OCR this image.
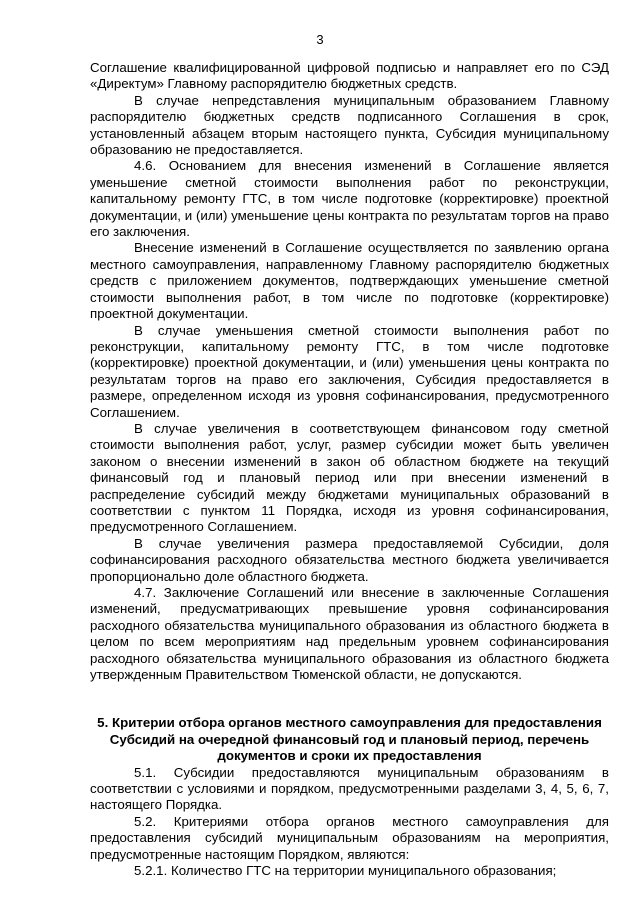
3

Соглашение квалифицированной цифровой подписью и направляет его по СЭД «Директум» Главному распорядителю бюджетных средств.

В случае непредставления муниципальным образованием Главному распорядителю бюджетных средств подписанного Соглашения в срок, установленный абзацем вторым настоящего пункта, Субсидия муниципальному образованию не предоставляется.

4.6. Основанием для внесения изменений в Соглашение является уменьшение сметной стоимости выполнения работ по реконструкции, капитальному ремонту ГТС, в том числе подготовке (корректировке) проектной документации, и (или) уменьшение цены контракта по результатам торгов на право его заключения.

Внесение изменений в Соглашение осуществляется по заявлению органа местного самоуправления, направленному Главному распорядителю бюджетных средств с приложением документов, подтверждающих уменьшение сметной стоимости выполнения работ, в том числе по подготовке (корректировке) проектной документации.

В случае уменьшения сметной стоимости выполнения работ по реконструкции, капитальному ремонту ГТС, в том числе подготовке (корректировке) проектной документации, и (или) уменьшения цены контракта по результатам торгов на право его заключения, Субсидия предоставляется в размере, определенном исходя из уровня софинансирования, предусмотренного Соглашением.

В случае увеличения в соответствующем финансовом году сметной стоимости выполнения работ, услуг, размер субсидии может быть увеличен законом о внесении изменений в закон об областном бюджете на текущий финансовый год и плановый период или при внесении изменений в распределение субсидий между бюджетами муниципальных образований в соответствии с пунктом 11 Порядка, исходя из уровня софинансирования, предусмотренного Соглашением.

В случае увеличения размера предоставляемой Субсидии, доля софинансирования расходного обязательства местного бюджета увеличивается пропорционально доле областного бюджета.

4.7. Заключение Соглашений или внесение в заключенные Соглашения изменений, предусматривающих превышение уровня софинансирования расходного обязательства муниципального образования из областного бюджета в целом по всем мероприятиям над предельным уровнем софинансирования расходного обязательства муниципального образования из областного бюджета утвержденным Правительством Тюменской области, не допускаются.

5. Критерии отбора органов местного самоуправления для предоставления Субсидий на очередной финансовый год и плановый период, перечень документов и сроки их предоставления

5.1. Субсидии предоставляются муниципальным образованиям в соответствии с условиями и порядком, предусмотренными разделами 3, 4, 5, 6, 7, настоящего Порядка.

5.2. Критериями отбора органов местного самоуправления для предоставления субсидий муниципальным образованиям на мероприятия, предусмотренные настоящим Порядком, являются:

5.2.1. Количество ГТС на территории муниципального образования;
